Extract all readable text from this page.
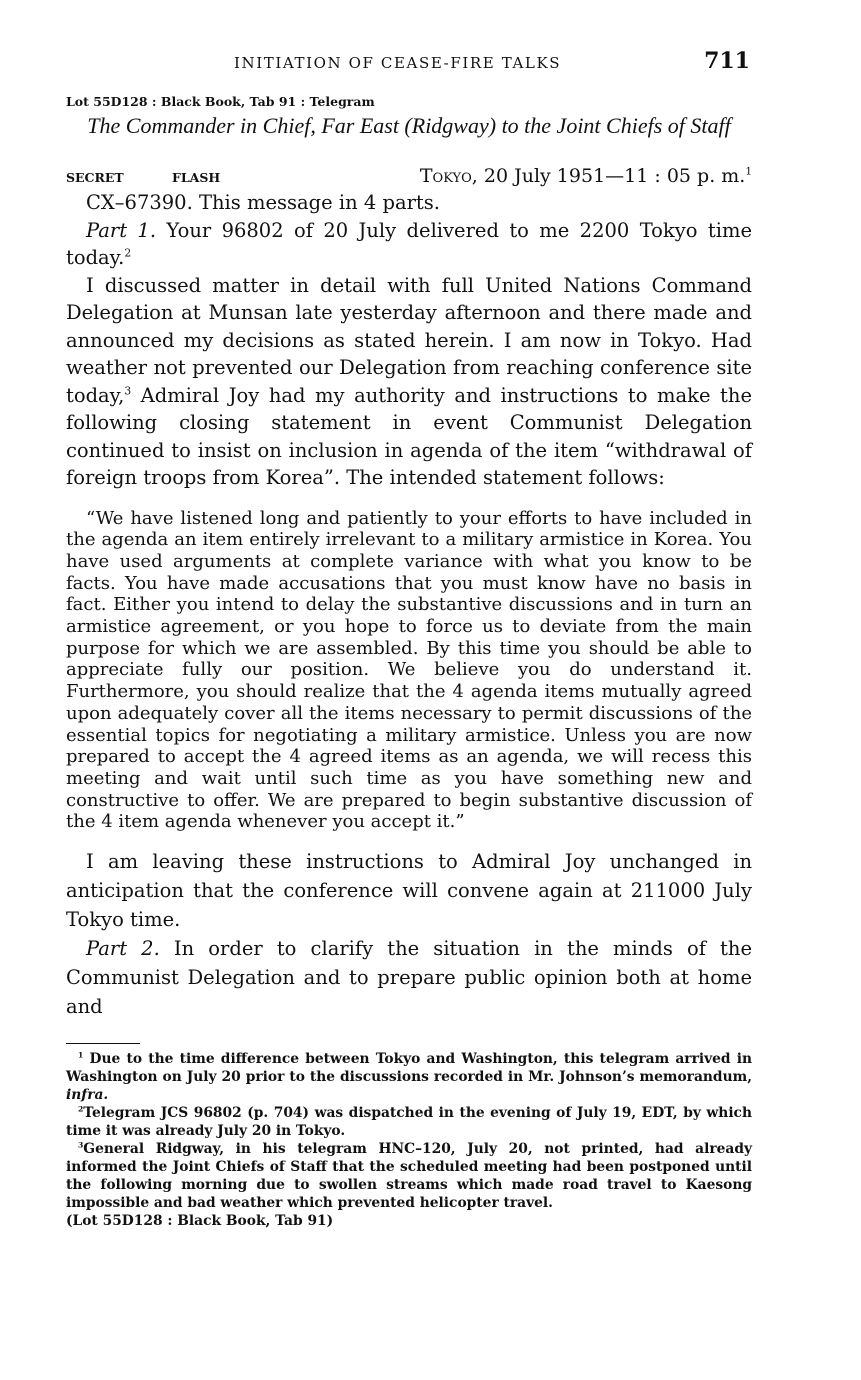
INITIATION OF CEASE-FIRE TALKS	711

Lot 55D128 : Black Book, Tab 91 : Telegram

The Commander in Chief, Far East (Ridgway) to the Joint Chiefs of Staff

SECRET	FLASH	Tokyo, 20 July 1951—11 : 05 p. m.$^1$

CX–67390. This message in 4 parts.

Part 1. Your 96802 of 20 July delivered to me 2200 Tokyo time today.$^2$

I discussed matter in detail with full United Nations Command Delegation at Munsan late yesterday afternoon and there made and announced my decisions as stated herein. I am now in Tokyo. Had weather not prevented our Delegation from reaching conference site today,$^3$ Admiral Joy had my authority and instructions to make the following closing statement in event Communist Delegation continued to insist on inclusion in agenda of the item “withdrawal of foreign troops from Korea”. The intended statement follows:

“We have listened long and patiently to your efforts to have included in the agenda an item entirely irrelevant to a military armistice in Korea. You have used arguments at complete variance with what you know to be facts. You have made accusations that you must know have no basis in fact. Either you intend to delay the substantive discussions and in turn an armistice agreement, or you hope to force us to deviate from the main purpose for which we are assembled. By this time you should be able to appreciate fully our position. We believe you do understand it. Furthermore, you should realize that the 4 agenda items mutually agreed upon adequately cover all the items necessary to permit discussions of the essential topics for negotiating a military armistice. Unless you are now prepared to accept the 4 agreed items as an agenda, we will recess this meeting and wait until such time as you have something new and constructive to offer. We are prepared to begin substantive discussion of the 4 item agenda whenever you accept it.”

I am leaving these instructions to Admiral Joy unchanged in anticipation that the conference will convene again at 211000 July Tokyo time.

Part 2. In order to clarify the situation in the minds of the Communist Delegation and to prepare public opinion both at home and

$^1$ Due to the time difference between Tokyo and Washington, this telegram arrived in Washington on July 20 prior to the discussions recorded in Mr. Johnson’s memorandum, infra.

$^2$Telegram JCS 96802 (p. 704) was dispatched in the evening of July 19, EDT, by which time it was already July 20 in Tokyo.

$^3$General Ridgway, in his telegram HNC–120, July 20, not printed, had already informed the Joint Chiefs of Staff that the scheduled meeting had been postponed until the following morning due to swollen streams which made road travel to Kaesong impossible and bad weather which prevented helicopter travel.

(Lot 55D128 : Black Book, Tab 91)
